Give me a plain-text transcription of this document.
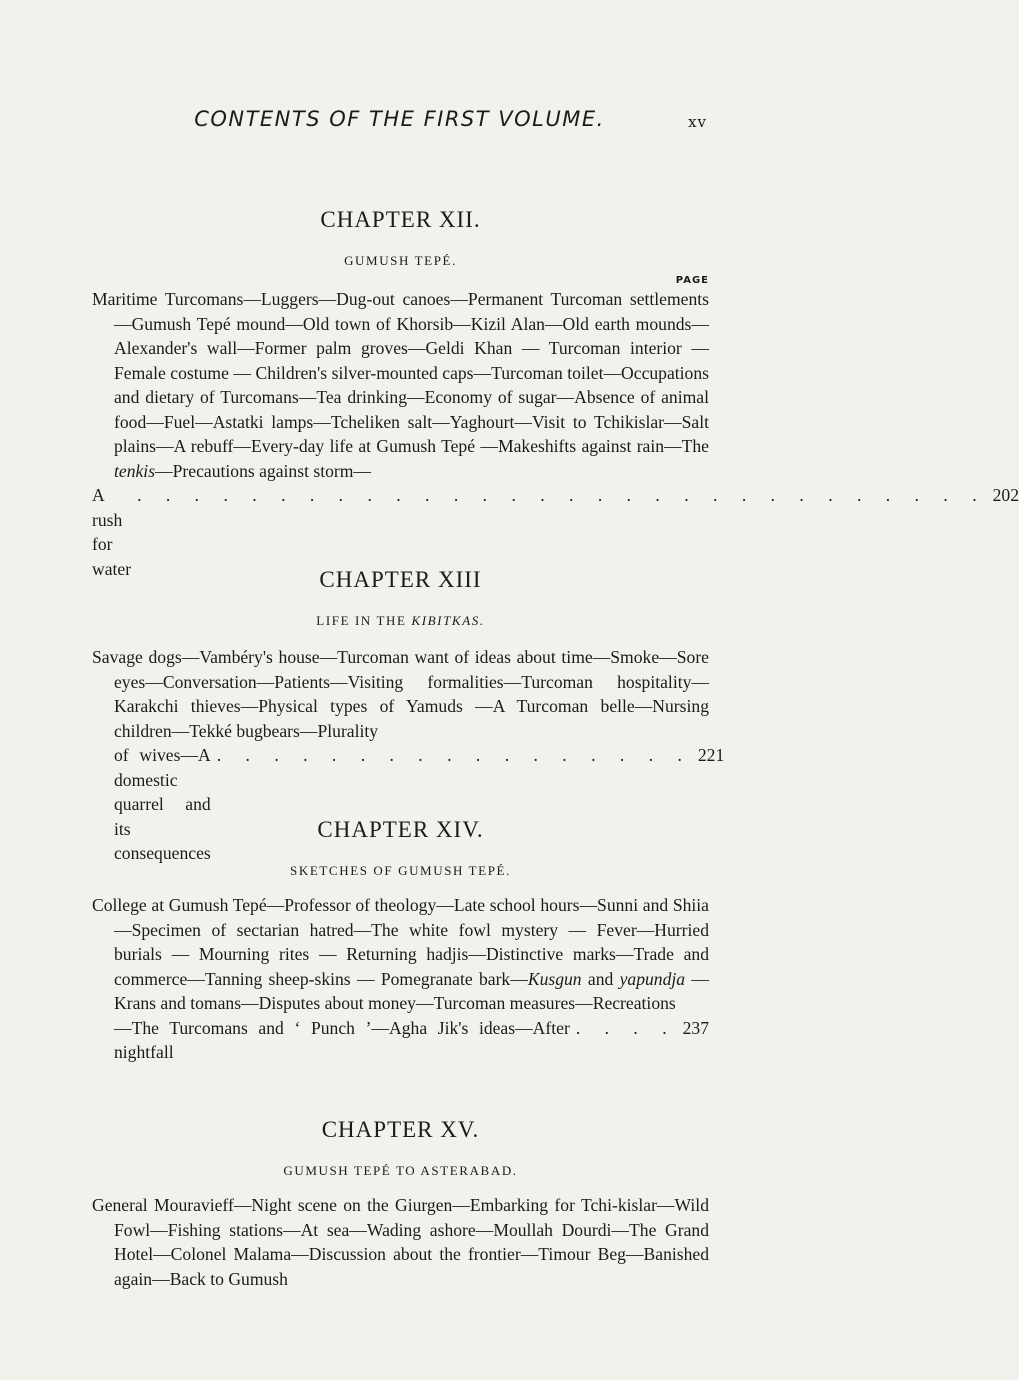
CONTENTS OF THE FIRST VOLUME.	xv
CHAPTER XII.
GUMUSH TEPÉ.
PAGE
Maritime Turcomans—Luggers—Dug-out canoes—Permanent Turcoman settlements—Gumush Tepé mound—Old town of Khorsib—Kizil Alan—Old earth mounds—Alexander's wall—Former palm groves—Geldi Khan — Turcoman interior — Female costume — Children's silver-mounted caps—Turcoman toilet—Occupations and dietary of Turcomans—Tea drinking—Economy of sugar—Absence of animal food—Fuel—Astatki lamps—Tcheliken salt—Yaghourt—Visit to Tchikislar—Salt plains—A rebuff—Every-day life at Gumush Tepé —Makeshifts against rain—The tenkis—Precautions against storm—
A rush for water
. . . . . . . . . . . . . . . . . . . . . . . . . . . . . . 202
CHAPTER XIII
LIFE IN THE KIBITKAS.
Savage dogs—Vambéry's house—Turcoman want of ideas about time—Smoke—Sore eyes—Conversation—Patients—Visiting formalities—Turcoman hospitality—Karakchi thieves—Physical types of Yamuds —A Turcoman belle—Nursing children—Tekké bugbears—Plurality
of wives—A domestic quarrel and its consequences
. . . . . . . . . . . . . . . . . 221
CHAPTER XIV.
SKETCHES OF GUMUSH TEPÉ.
College at Gumush Tepé—Professor of theology—Late school hours—Sunni and Shiia—Specimen of sectarian hatred—The white fowl mystery — Fever—Hurried burials — Mourning rites — Returning hadjis—Distinctive marks—Trade and commerce—Tanning sheep-skins — Pomegranate bark—Kusgun and yapundja — Krans and tomans—Disputes about money—Turcoman measures—Recreations
—The Turcomans and ‘ Punch ’—Agha Jik's ideas—After nightfall
. . . . 237
CHAPTER XV.
GUMUSH TEPÉ TO ASTERABAD.
General Mouravieff—Night scene on the Giurgen—Embarking for Tchi-kislar—Wild Fowl—Fishing stations—At sea—Wading ashore—Moullah Dourdi—The Grand Hotel—Colonel Malama—Discussion about the frontier—Timour Beg—Banished again—Back to Gumush
